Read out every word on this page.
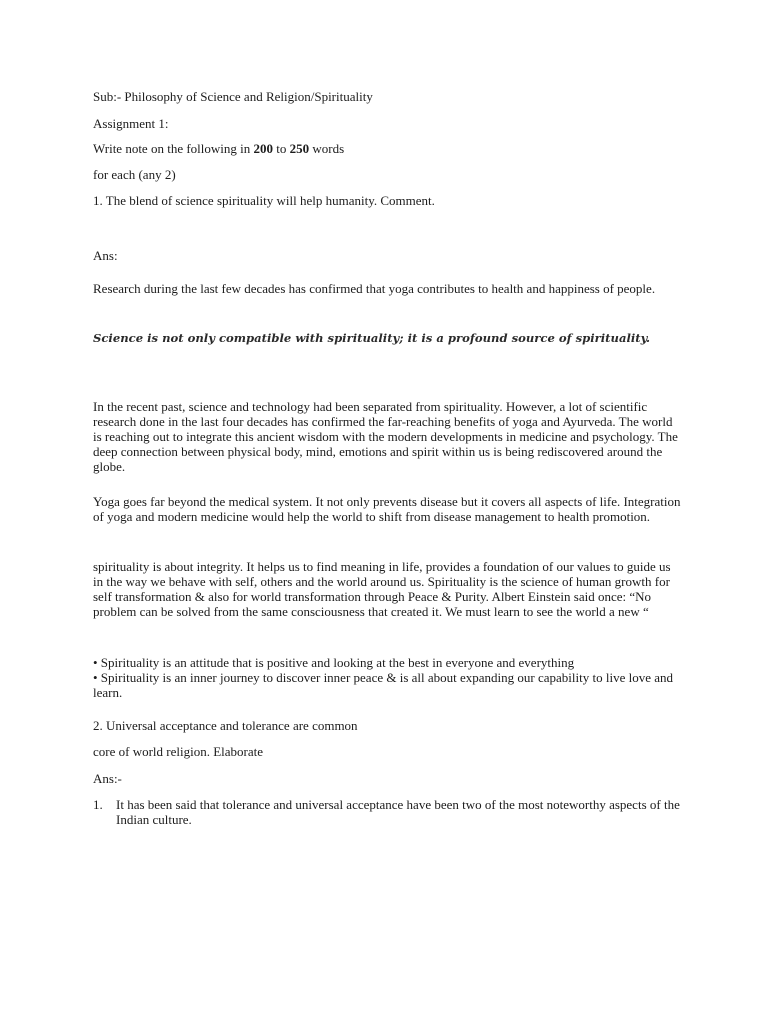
Sub:- Philosophy of Science and Religion/Spirituality

Assignment 1:

Write note on the following in 200 to 250 words

for each (any 2)

1. The blend of science spirituality will help humanity. Comment.

Ans:

Research during the last few decades has confirmed that yoga contributes to health and happiness of people.

Science is not only compatible with spirituality; it is a profound source of spirituality.

In the recent past, science and technology had been separated from spirituality. However, a lot of scientific research done in the last four decades has confirmed the far-reaching benefits of yoga and Ayurveda. The world is reaching out to integrate this ancient wisdom with the modern developments in medicine and psychology. The deep connection between physical body, mind, emotions and spirit within us is being rediscovered around the globe.

Yoga goes far beyond the medical system. It not only prevents disease but it covers all aspects of life. Integration of yoga and modern medicine would help the world to shift from disease management to health promotion.

spirituality is about integrity. It helps us to find meaning in life, provides a foundation of our values to guide us in the way we behave with self, others and the world around us. Spirituality is the science of human growth for self transformation & also for world transformation through Peace & Purity. Albert Einstein said once: “No problem can be solved from the same consciousness that created it. We must learn to see the world a new “

• Spirituality is an attitude that is positive and looking at the best in everyone and everything

• Spirituality is an inner journey to discover inner peace & is all about expanding our capability to live love and learn.

2. Universal acceptance and tolerance are common

core of world religion. Elaborate

Ans:-

1. It has been said that tolerance and universal acceptance have been two of the most noteworthy aspects of the Indian culture.
